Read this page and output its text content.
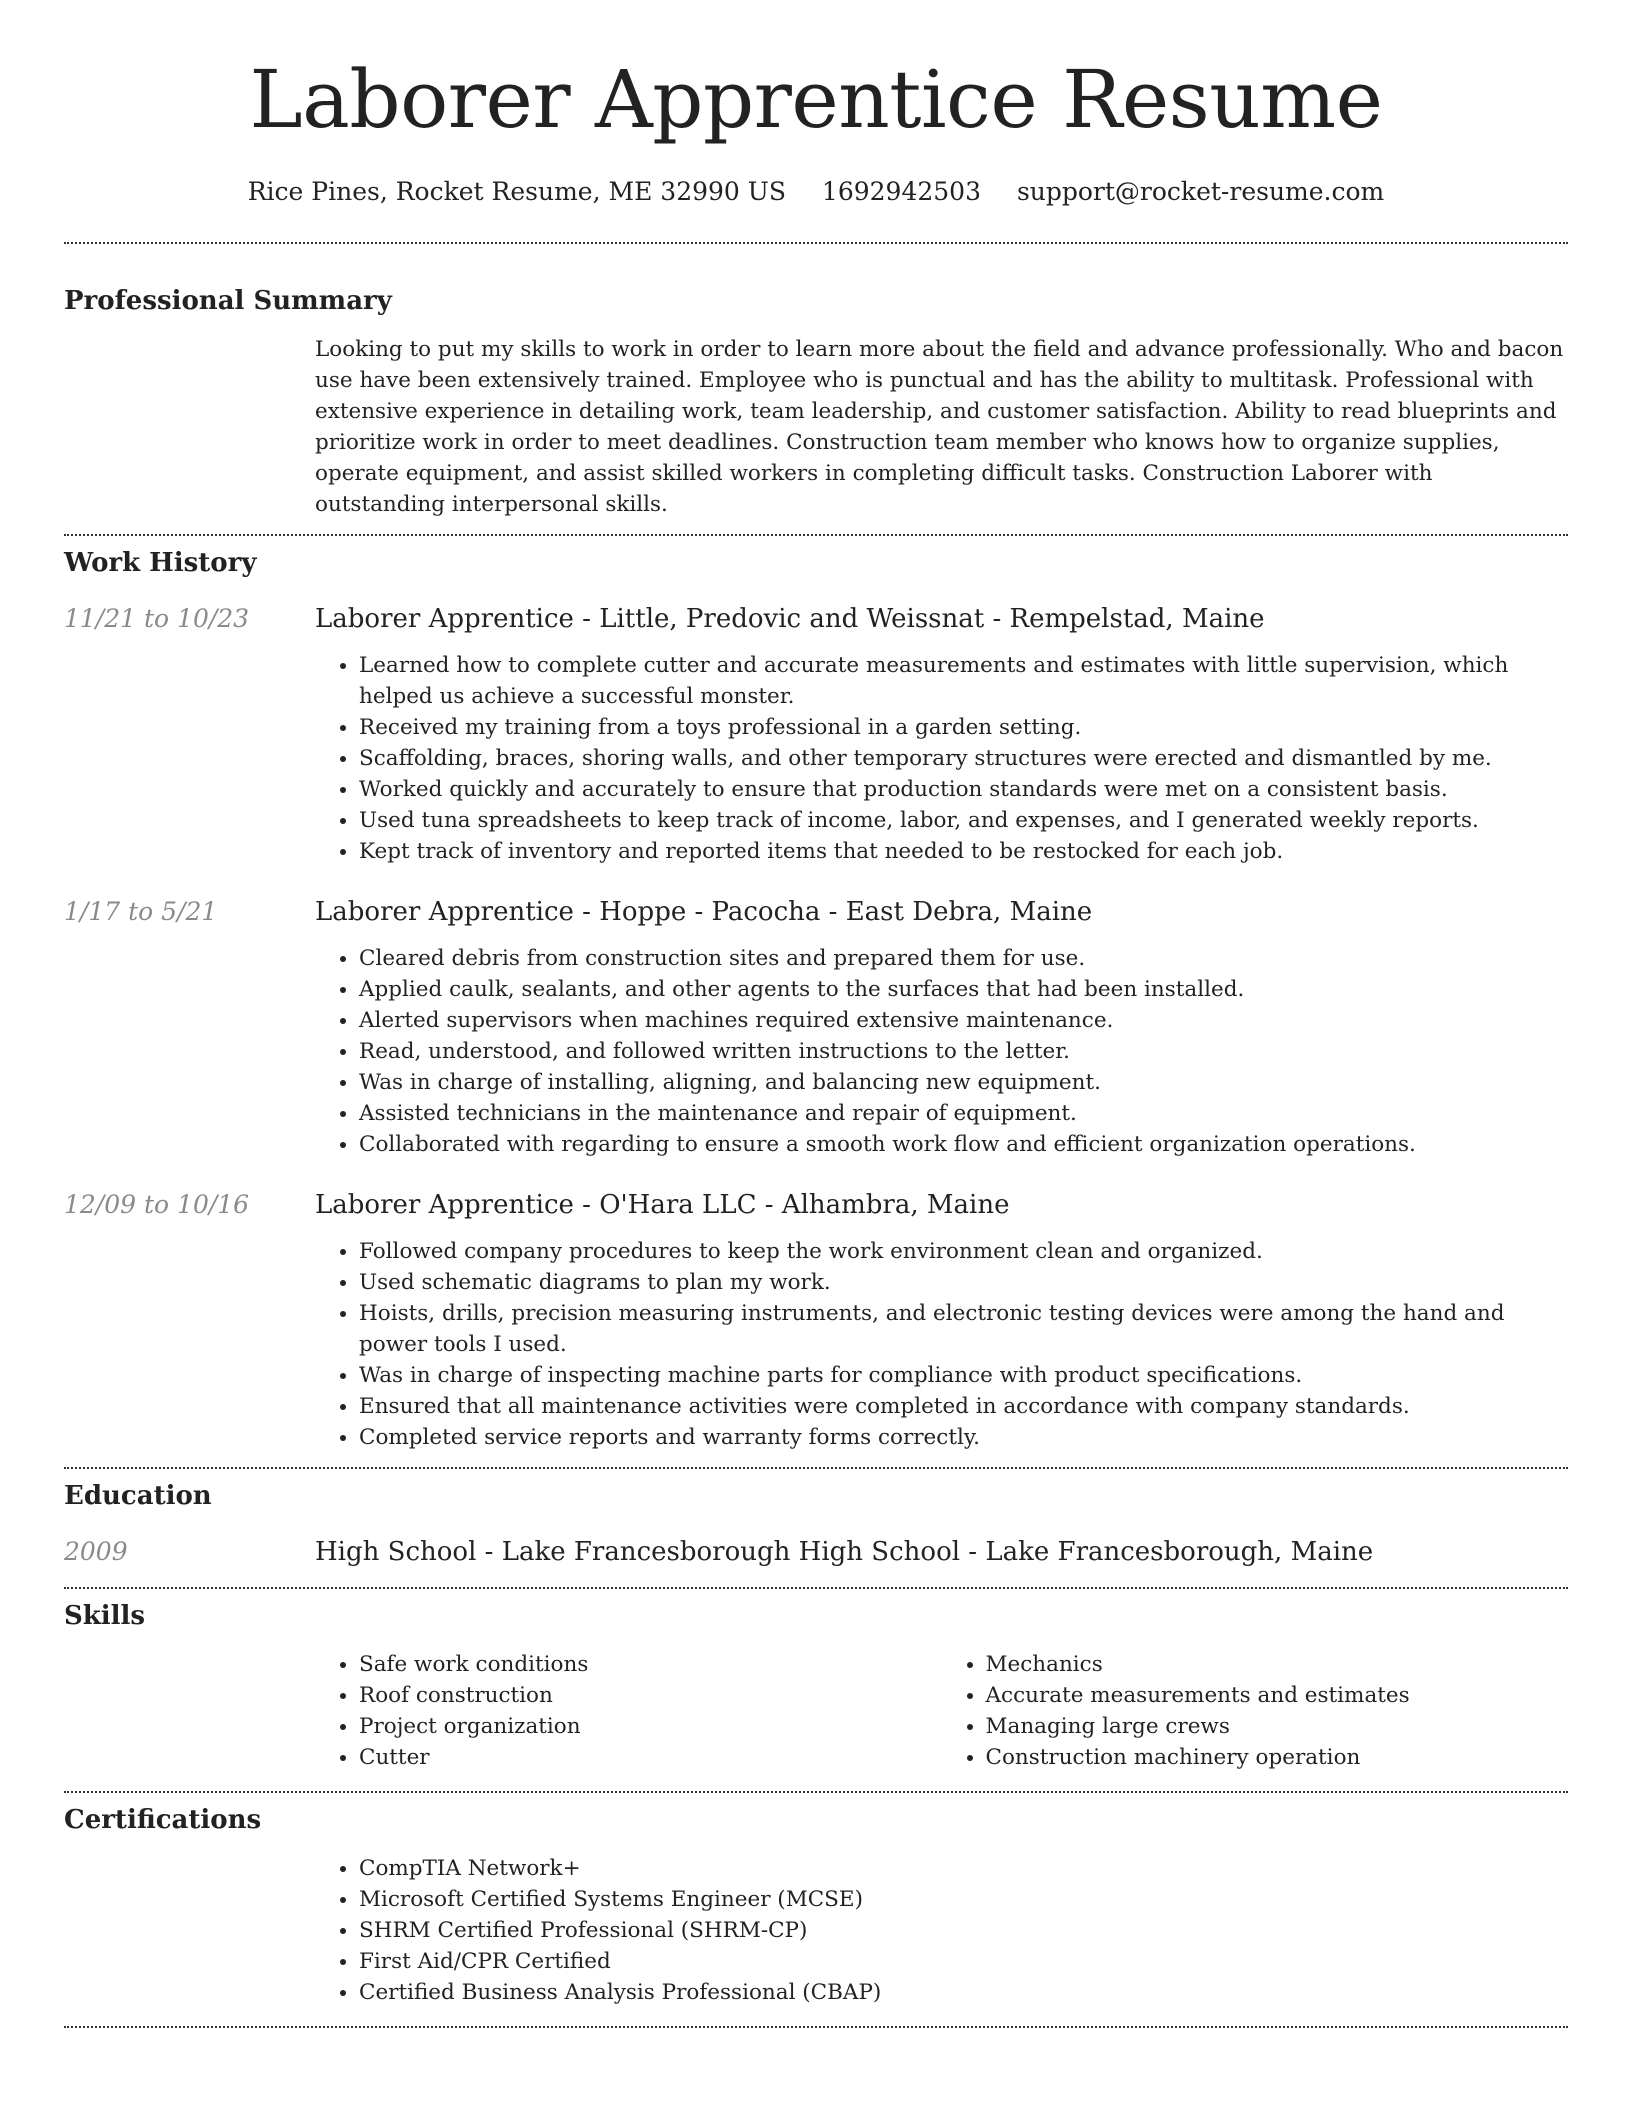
Laborer Apprentice Resume
Rice Pines, Rocket Resume, ME 32990 US 1692942503 support@rocket-resume.com
Professional Summary
Looking to put my skills to work in order to learn more about the field and advance professionally. Who and bacon use have been extensively trained. Employee who is punctual and has the ability to multitask. Professional with extensive experience in detailing work, team leadership, and customer satisfaction. Ability to read blueprints and prioritize work in order to meet deadlines. Construction team member who knows how to organize supplies, operate equipment, and assist skilled workers in completing difficult tasks. Construction Laborer with outstanding interpersonal skills.
Work History
11/21 to 10/23	Laborer Apprentice - Little, Predovic and Weissnat - Rempelstad, Maine
• Learned how to complete cutter and accurate measurements and estimates with little supervision, which helped us achieve a successful monster.
• Received my training from a toys professional in a garden setting.
• Scaffolding, braces, shoring walls, and other temporary structures were erected and dismantled by me.
• Worked quickly and accurately to ensure that production standards were met on a consistent basis.
• Used tuna spreadsheets to keep track of income, labor, and expenses, and I generated weekly reports.
• Kept track of inventory and reported items that needed to be restocked for each job.
1/17 to 5/21	Laborer Apprentice - Hoppe - Pacocha - East Debra, Maine
• Cleared debris from construction sites and prepared them for use.
• Applied caulk, sealants, and other agents to the surfaces that had been installed.
• Alerted supervisors when machines required extensive maintenance.
• Read, understood, and followed written instructions to the letter.
• Was in charge of installing, aligning, and balancing new equipment.
• Assisted technicians in the maintenance and repair of equipment.
• Collaborated with regarding to ensure a smooth work flow and efficient organization operations.
12/09 to 10/16	Laborer Apprentice - O'Hara LLC - Alhambra, Maine
• Followed company procedures to keep the work environment clean and organized.
• Used schematic diagrams to plan my work.
• Hoists, drills, precision measuring instruments, and electronic testing devices were among the hand and power tools I used.
• Was in charge of inspecting machine parts for compliance with product specifications.
• Ensured that all maintenance activities were completed in accordance with company standards.
• Completed service reports and warranty forms correctly.
Education
2009	High School - Lake Francesborough High School - Lake Francesborough, Maine
Skills
• Safe work conditions
• Roof construction
• Project organization
• Cutter
• Mechanics
• Accurate measurements and estimates
• Managing large crews
• Construction machinery operation
Certifications
• CompTIA Network+
• Microsoft Certified Systems Engineer (MCSE)
• SHRM Certified Professional (SHRM-CP)
• First Aid/CPR Certified
• Certified Business Analysis Professional (CBAP)
